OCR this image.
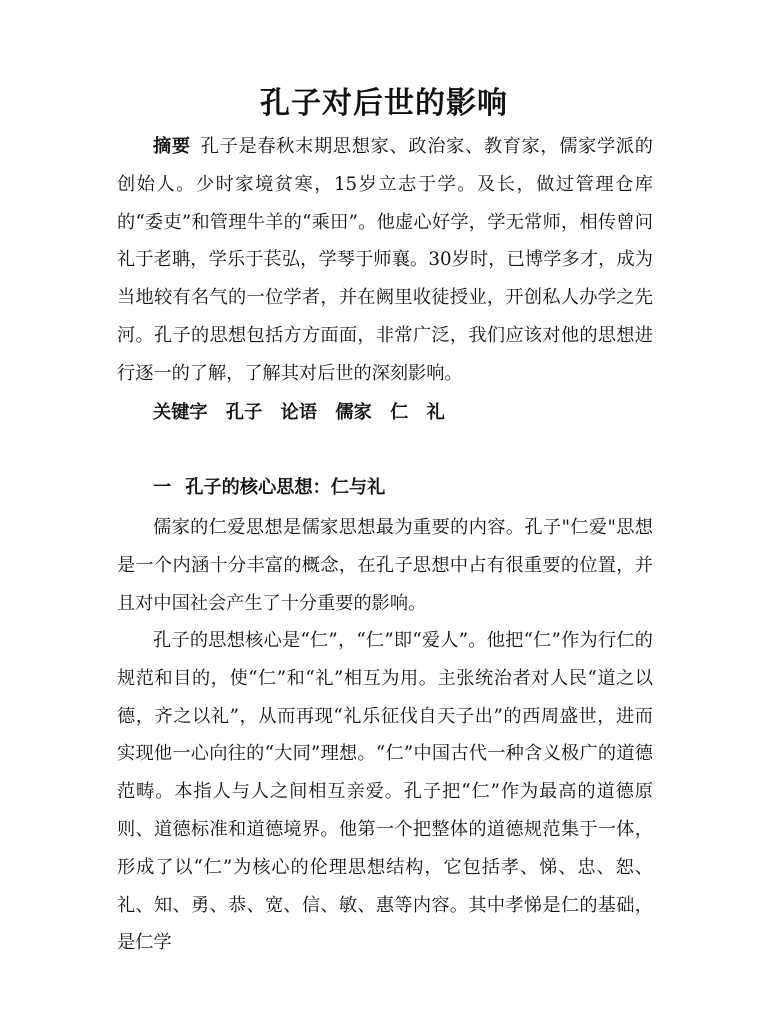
孔子对后世的影响

摘要 孔子是春秋末期思想家、政治家、教育家，儒家学派的创始人。少时家境贫寒，15岁立志于学。及长，做过管理仓库的“委吏”和管理牛羊的“乘田”。他虚心好学，学无常师，相传曾问礼于老聃，学乐于苌弘，学琴于师襄。30岁时，已博学多才，成为当地较有名气的一位学者，并在阙里收徒授业，开创私人办学之先河。孔子的思想包括方方面面，非常广泛，我们应该对他的思想进行逐一的了解，了解其对后世的深刻影响。

关键字 孔子 论语 儒家 仁 礼

一 孔子的核心思想：仁与礼

儒家的仁爱思想是儒家思想最为重要的内容。孔子"仁爱"思想是一个内涵十分丰富的概念，在孔子思想中占有很重要的位置，并且对中国社会产生了十分重要的影响。

孔子的思想核心是“仁”，“仁”即“爱人”。他把“仁”作为行仁的规范和目的，使“仁”和“礼”相互为用。主张统治者对人民“道之以德，齐之以礼”，从而再现“礼乐征伐自天子出”的西周盛世，进而实现他一心向往的“大同”理想。“仁”中国古代一种含义极广的道德范畴。本指人与人之间相互亲爱。孔子把“仁”作为最高的道德原则、道德标准和道德境界。他第一个把整体的道德规范集于一体，形成了以“仁”为核心的伦理思想结构，它包括孝、悌、忠、恕、礼、知、勇、恭、宽、信、敏、惠等内容。其中孝悌是仁的基础，是仁学
